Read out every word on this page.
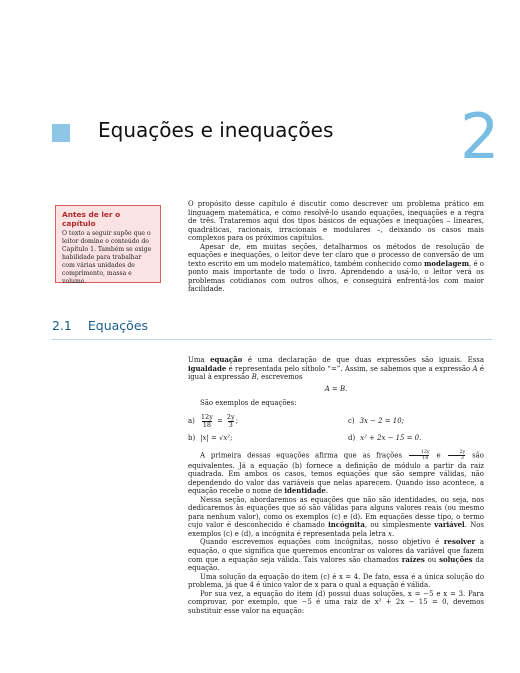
Equações e inequações 2
Antes de ler o capítulo
O texto a seguir supõe que o leitor domine o conteúdo do Capítulo 1. Também se exige habilidade para trabalhar com várias unidades de comprimento, massa e volume.

O propósito desse capítulo é discutir como descrever um problema prático em linguagem matemática, e como resolvê-lo usando equações, inequações e a regra de três. Trataremos aqui dos tipos básicos de equações e inequações – lineares, quadráticas, racionais, irracionais e modulares –, deixando os casos mais complexos para os próximos capítulos.

Apesar de, em muitas seções, detalharmos os métodos de resolução de equações e inequações, o leitor deve ter claro que o processo de conversão de um texto escrito em um modelo matemático, também conhecido como modelagem, é o ponto mais importante de todo o livro. Aprendendo a usá-lo, o leitor verá os problemas cotidianos com outros olhos, e conseguirá enfrentá-los com maior facilidade.

2.1 Equações

Uma equação é uma declaração de que duas expressões são iguais. Essa igualdade é representada pelo sítbolo “=”. Assim, se sabemos que a expressão A é igual à expressão B, escrevemos

A = B.

São exemplos de equações:

$a) \frac{12y}{18} = \frac{2y}{3}$ ;	c) 3x − 2 = 10;
b) |x| = √x²;	d) x² + 2x − 15 = 0.

A primeira dessas equações afirma que as frações $\frac{12y}{18}$ e $\frac{2y}{3}$ são equivalentes. Já a equação (b) fornece a definição de módulo a partir da raiz quadrada. Em ambos os casos, temos equações que são sempre válidas, não dependendo do valor das variáveis que nelas aparecem. Quando isso acontece, a equação recebe o nome de identidade.

Nessa seção, abordaremos as equações que não são identidades, ou seja, nos dedicaremos às equações que só são válidas para alguns valores reais (ou mesmo para nenhum valor), como os exemplos (c) e (d). Em equações desse tipo, o termo cujo valor é desconhecido é chamado incógnita, ou simplesmente variável. Nos exemplos (c) e (d), a incógnita é representada pela letra x.

Quando escrevemos equações com incógnitas, nosso objetivo é resolver a equação, o que significa que queremos encontrar os valores da variável que fazem com que a equação seja válida. Tais valores são chamados raízes ou soluções da equação.

Uma solução da equação do item (c) é x = 4. De fato, essa é a única solução do problema, já que 4 é único valor de x para o qual a equação é válida.

Por sua vez, a equação do item (d) possui duas soluções, x = −5 e x = 3. Para comprovar, por exemplo, que −5 é uma raiz de x² + 2x − 15 = 0, devemos substituir esse valor na equação:
